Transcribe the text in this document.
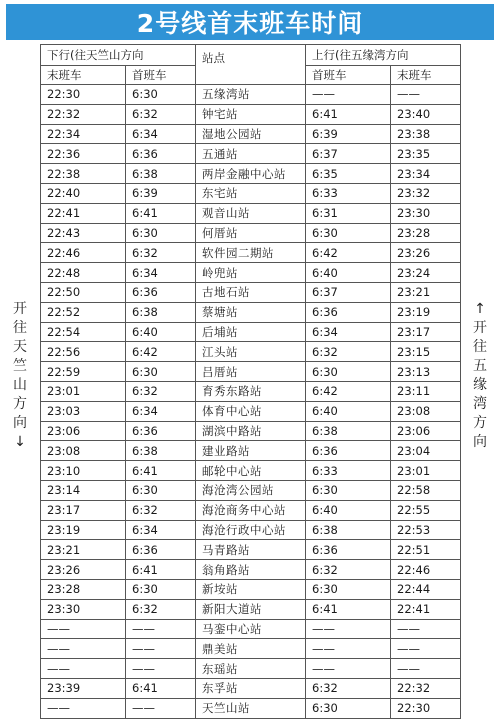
2号线首末班车时间
开
往
天
竺
山
方
向
↓
↑
开
往
五
缘
湾
方
向
下行(往天竺山方向		站点	上行(往五缘湾方向	
末班车	首班车		首班车	末班车
22:30	6:30	五缘湾站	——	——
22:32	6:32	钟宅站	6:41	23:40
22:34	6:34	湿地公园站	6:39	23:38
22:36	6:36	五通站	6:37	23:35
22:38	6:38	两岸金融中心站	6:35	23:34
22:40	6:39	东宅站	6:33	23:32
22:41	6:41	观音山站	6:31	23:30
22:43	6:30	何厝站	6:30	23:28
22:46	6:32	软件园二期站	6:42	23:26
22:48	6:34	岭兜站	6:40	23:24
22:50	6:36	古地石站	6:37	23:21
22:52	6:38	蔡塘站	6:36	23:19
22:54	6:40	后埔站	6:34	23:17
22:56	6:42	江头站	6:32	23:15
22:59	6:30	吕厝站	6:30	23:13
23:01	6:32	育秀东路站	6:42	23:11
23:03	6:34	体育中心站	6:40	23:08
23:06	6:36	湖滨中路站	6:38	23:06
23:08	6:38	建业路站	6:36	23:04
23:10	6:41	邮轮中心站	6:33	23:01
23:14	6:30	海沧湾公园站	6:30	22:58
23:17	6:32	海沧商务中心站	6:40	22:55
23:19	6:34	海沧行政中心站	6:38	22:53
23:21	6:36	马青路站	6:36	22:51
23:26	6:41	翁角路站	6:32	22:46
23:28	6:30	新垵站	6:30	22:44
23:30	6:32	新阳大道站	6:41	22:41
——	——	马銮中心站	——	——
——	——	鼎美站	——	——
——	——	东瑶站	——	——
23:39	6:41	东孚站	6:32	22:32
——	——	天竺山站	6:30	22:30
